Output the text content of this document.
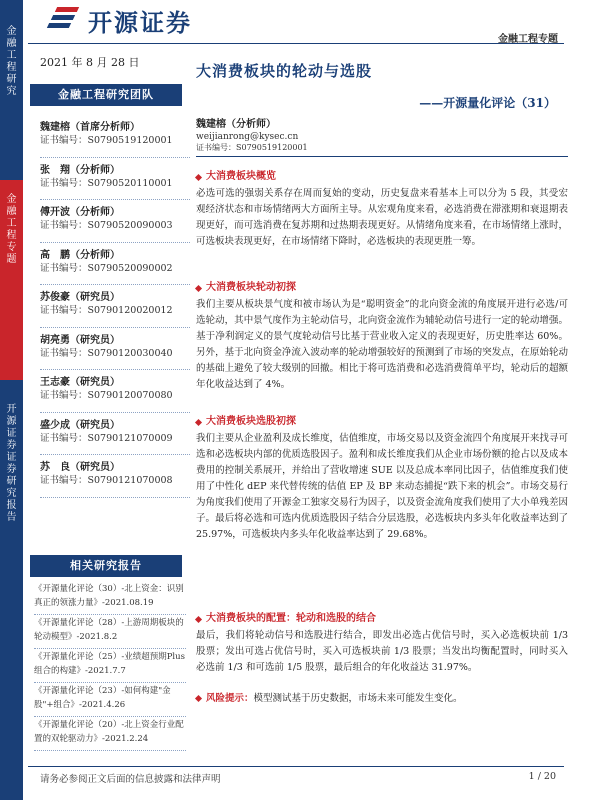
金融工程研究
金融工程专题
开源证券 证券研究报告
开源证券
金融工程专题
2021 年 8 月 28 日	大消费板块的轮动与选股
——开源量化评论（31）
金融工程研究团队
魏建榕（首席分析师）
证书编号：S0790519120001
张　翔（分析师）
证书编号：S0790520110001
傅开波（分析师）
证书编号：S0790520090003
高　鹏（分析师）
证书编号：S0790520090002
苏俊豪（研究员）
证书编号：S0790120020012
胡亮勇（研究员）
证书编号：S0790120030040
王志豪（研究员）
证书编号：S0790120070080
盛少成（研究员）
证书编号：S0790121070009
苏　良（研究员）
证书编号：S0790121070008
相关研究报告
《开源量化评论（30）-北上资金：识别真正的领涨力量》-2021.08.19
《开源量化评论（28）-上游周期板块的轮动模型》-2021.8.2
《开源量化评论（25）-业绩超预期Plus组合的构建》-2021.7.7
《开源量化评论（23）-如何构建"金股"+组合》-2021.4.26
《开源量化评论（20）-北上资金行业配置的双轮驱动力》-2021.2.24
魏建榕（分析师）
weijianrong@kysec.cn
证书编号：S0790519120001
大消费板块概览
必选可选的强弱关系存在周而复始的变动，历史复盘来看基本上可以分为 5 段，其受宏观经济状态和市场情绪两大方面所主导。从宏观角度来看，必选消费在滞涨期和衰退期表现更好，而可选消费在复苏期和过热期表现更好。从情绪角度来看，在市场情绪上涨时，可选板块表现更好，在市场情绪下降时，必选板块的表现更胜一筹。
大消费板块轮动初探
我们主要从板块景气度和被市场认为是“聪明资金”的北向资金流的角度展开进行必选/可选轮动，其中景气度作为主轮动信号，北向资金流作为辅轮动信号进行一定的轮动增强。基于净利润定义的景气度轮动信号比基于营业收入定义的表现更好，历史胜率达 60%。另外，基于北向资金净流入波动率的轮动增强较好的预测到了市场的突发点，在原始轮动的基础上避免了较大级别的回撤。相比于将可选消费和必选消费简单平均，轮动后的超额年化收益达到了 4%。
大消费板块选股初探
我们主要从企业盈利及成长维度，估值维度，市场交易以及资金流四个角度展开来找寻可选和必选板块内部的优质选股因子。盈利和成长维度我们从企业市场份额的抢占以及成本费用的控制关系展开，并给出了营收增速 SUE 以及总成本率同比因子，估值维度我们使用了中性化 dEP 来代替传统的估值 EP 及 BP 来动态捕捉“跌下来的机会”。市场交易行为角度我们使用了开源金工独家交易行为因子，以及资金流角度我们使用了大小单残差因子。最后将必选和可选内优质选股因子结合分层选股，必选板块内多头年化收益率达到了 25.97%，可选板块内多头年化收益率达到了 29.68%。
大消费板块的配置：轮动和选股的结合
最后，我们将轮动信号和选股进行结合，即发出必选占优信号时，买入必选板块前 1/3 股票；发出可选占优信号时，买入可选板块前 1/3 股票；当发出均衡配置时，同时买入必选前 1/3 和可选前 1/5 股票，最后组合的年化收益达 31.97%。
风险提示：模型测试基于历史数据，市场未来可能发生变化。
请务必参阅正文后面的信息披露和法律声明	1 / 20
